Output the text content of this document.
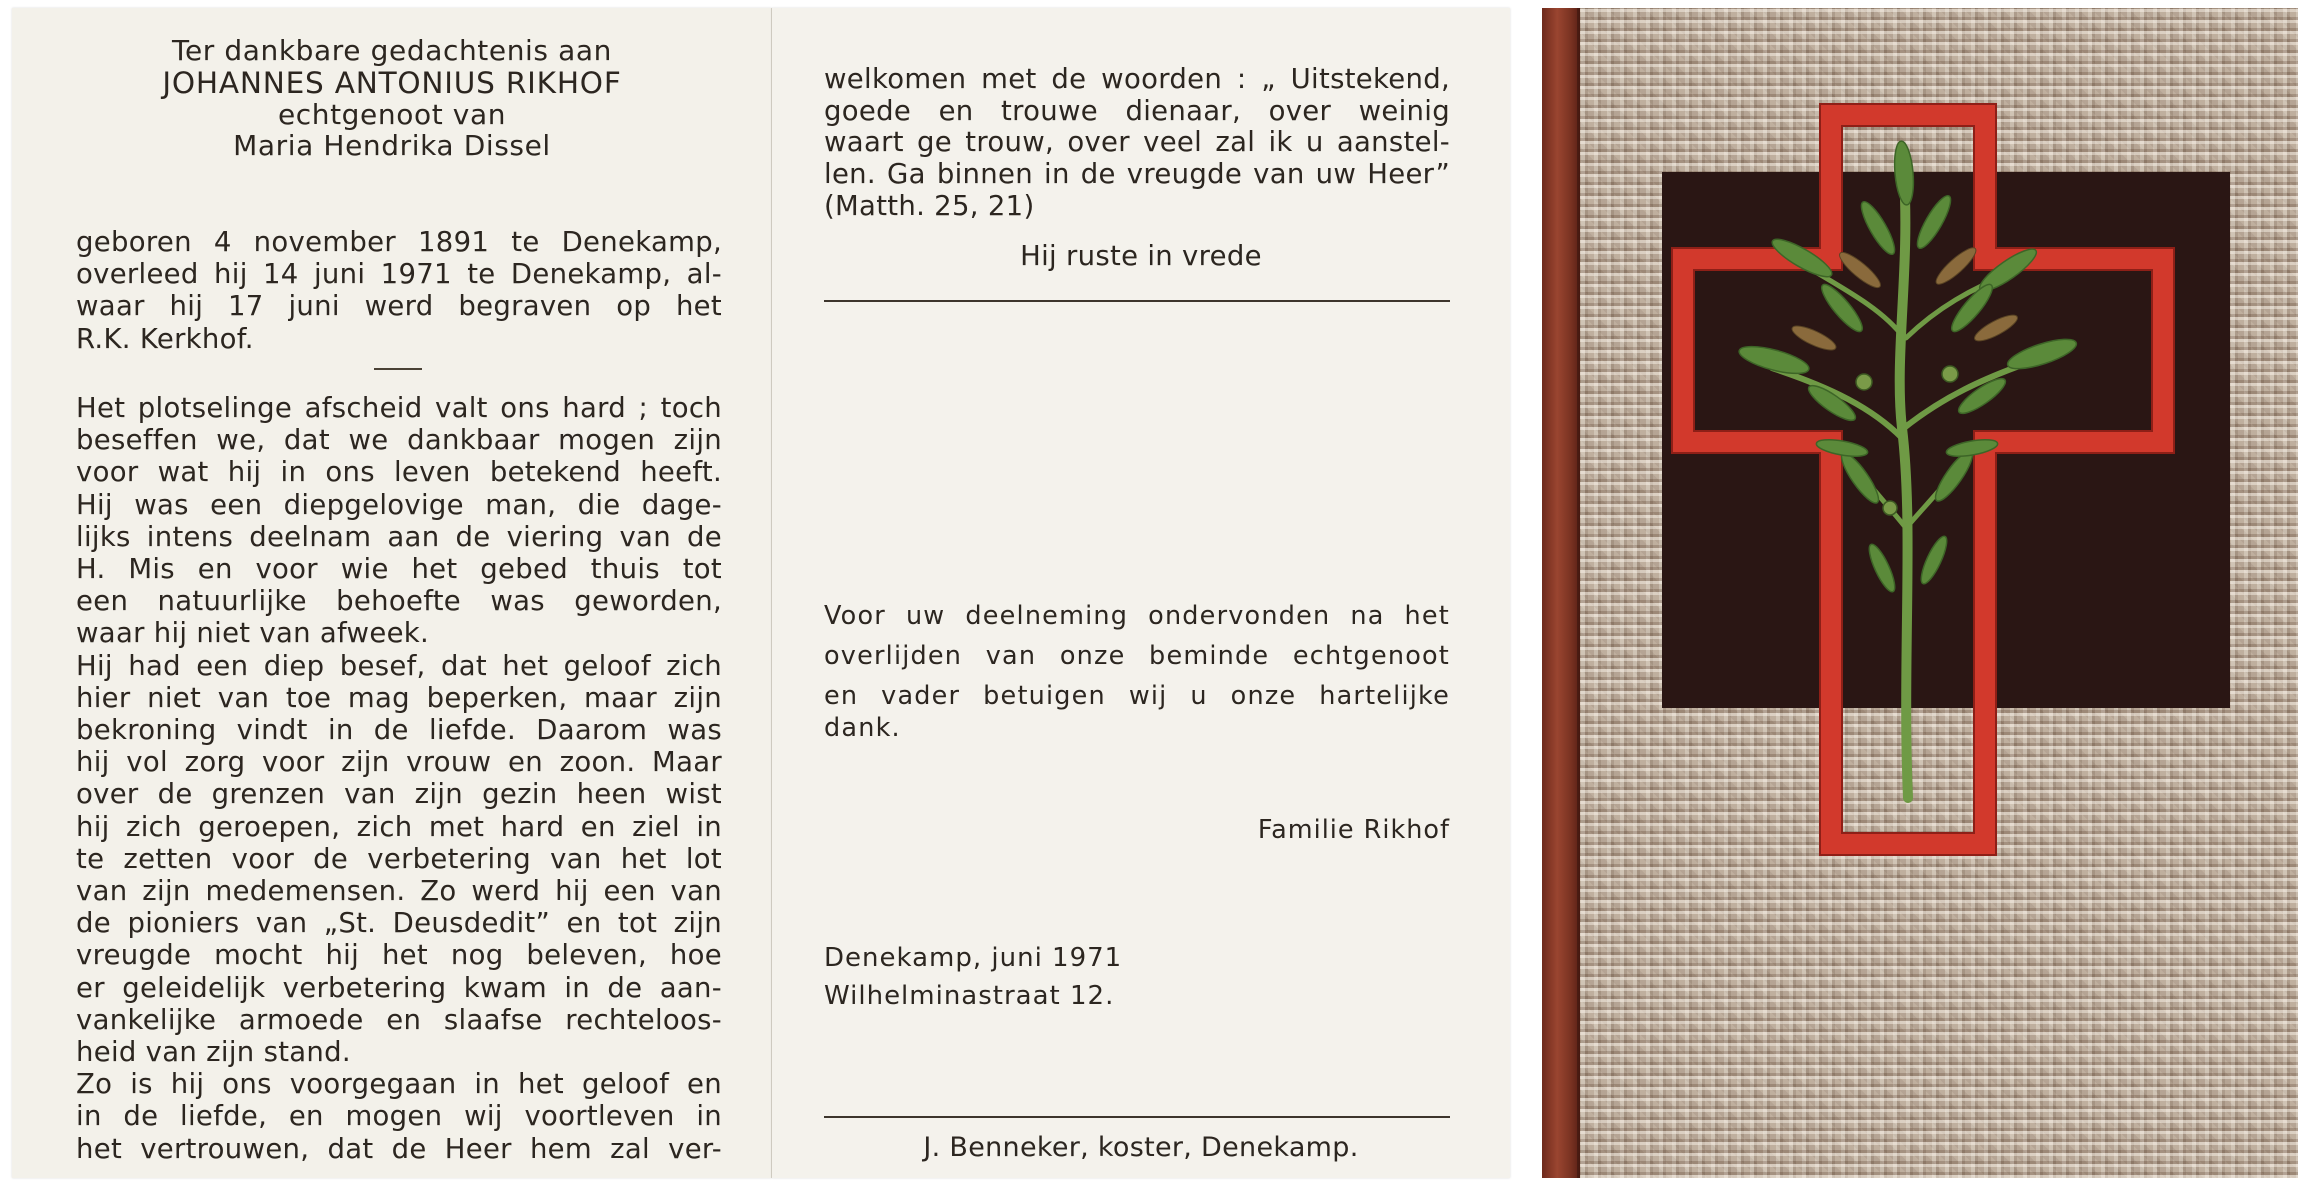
Ter dankbare gedachtenis aan
JOHANNES ANTONIUS RIKHOF
echtgenoot van
Maria Hendrika Dissel
geboren 4 november 1891 te Denekamp,
overleed hij 14 juni 1971 te Denekamp, al-
waar hij 17 juni werd begraven op het
R.K. Kerkhof.
Het plotselinge afscheid valt ons hard ; toch
beseffen we, dat we dankbaar mogen zijn
voor wat hij in ons leven betekend heeft.
Hij was een diepgelovige man, die dage-
lijks intens deelnam aan de viering van de
H. Mis en voor wie het gebed thuis tot
een natuurlijke behoefte was geworden,
waar hij niet van afweek.
Hij had een diep besef, dat het geloof zich
hier niet van toe mag beperken, maar zijn
bekroning vindt in de liefde. Daarom was
hij vol zorg voor zijn vrouw en zoon. Maar
over de grenzen van zijn gezin heen wist
hij zich geroepen, zich met hard en ziel in
te zetten voor de verbetering van het lot
van zijn medemensen. Zo werd hij een van
de pioniers van „St. Deusdedit” en tot zijn
vreugde mocht hij het nog beleven, hoe
er geleidelijk verbetering kwam in de aan-
vankelijke armoede en slaafse rechteloos-
heid van zijn stand.
Zo is hij ons voorgegaan in het geloof en
in de liefde, en mogen wij voortleven in
het vertrouwen, dat de Heer hem zal ver-
welkomen met de woorden : „ Uitstekend,
goede en trouwe dienaar, over weinig
waart ge trouw, over veel zal ik u aanstel-
len. Ga binnen in de vreugde van uw Heer”
(Matth. 25, 21)
Hij ruste in vrede
Voor uw deelneming ondervonden na het
overlijden van onze beminde echtgenoot
en vader betuigen wij u onze hartelijke dank.
Familie Rikhof
Denekamp, juni 1971
Wilhelminastraat 12.
J. Benneker, koster, Denekamp.
